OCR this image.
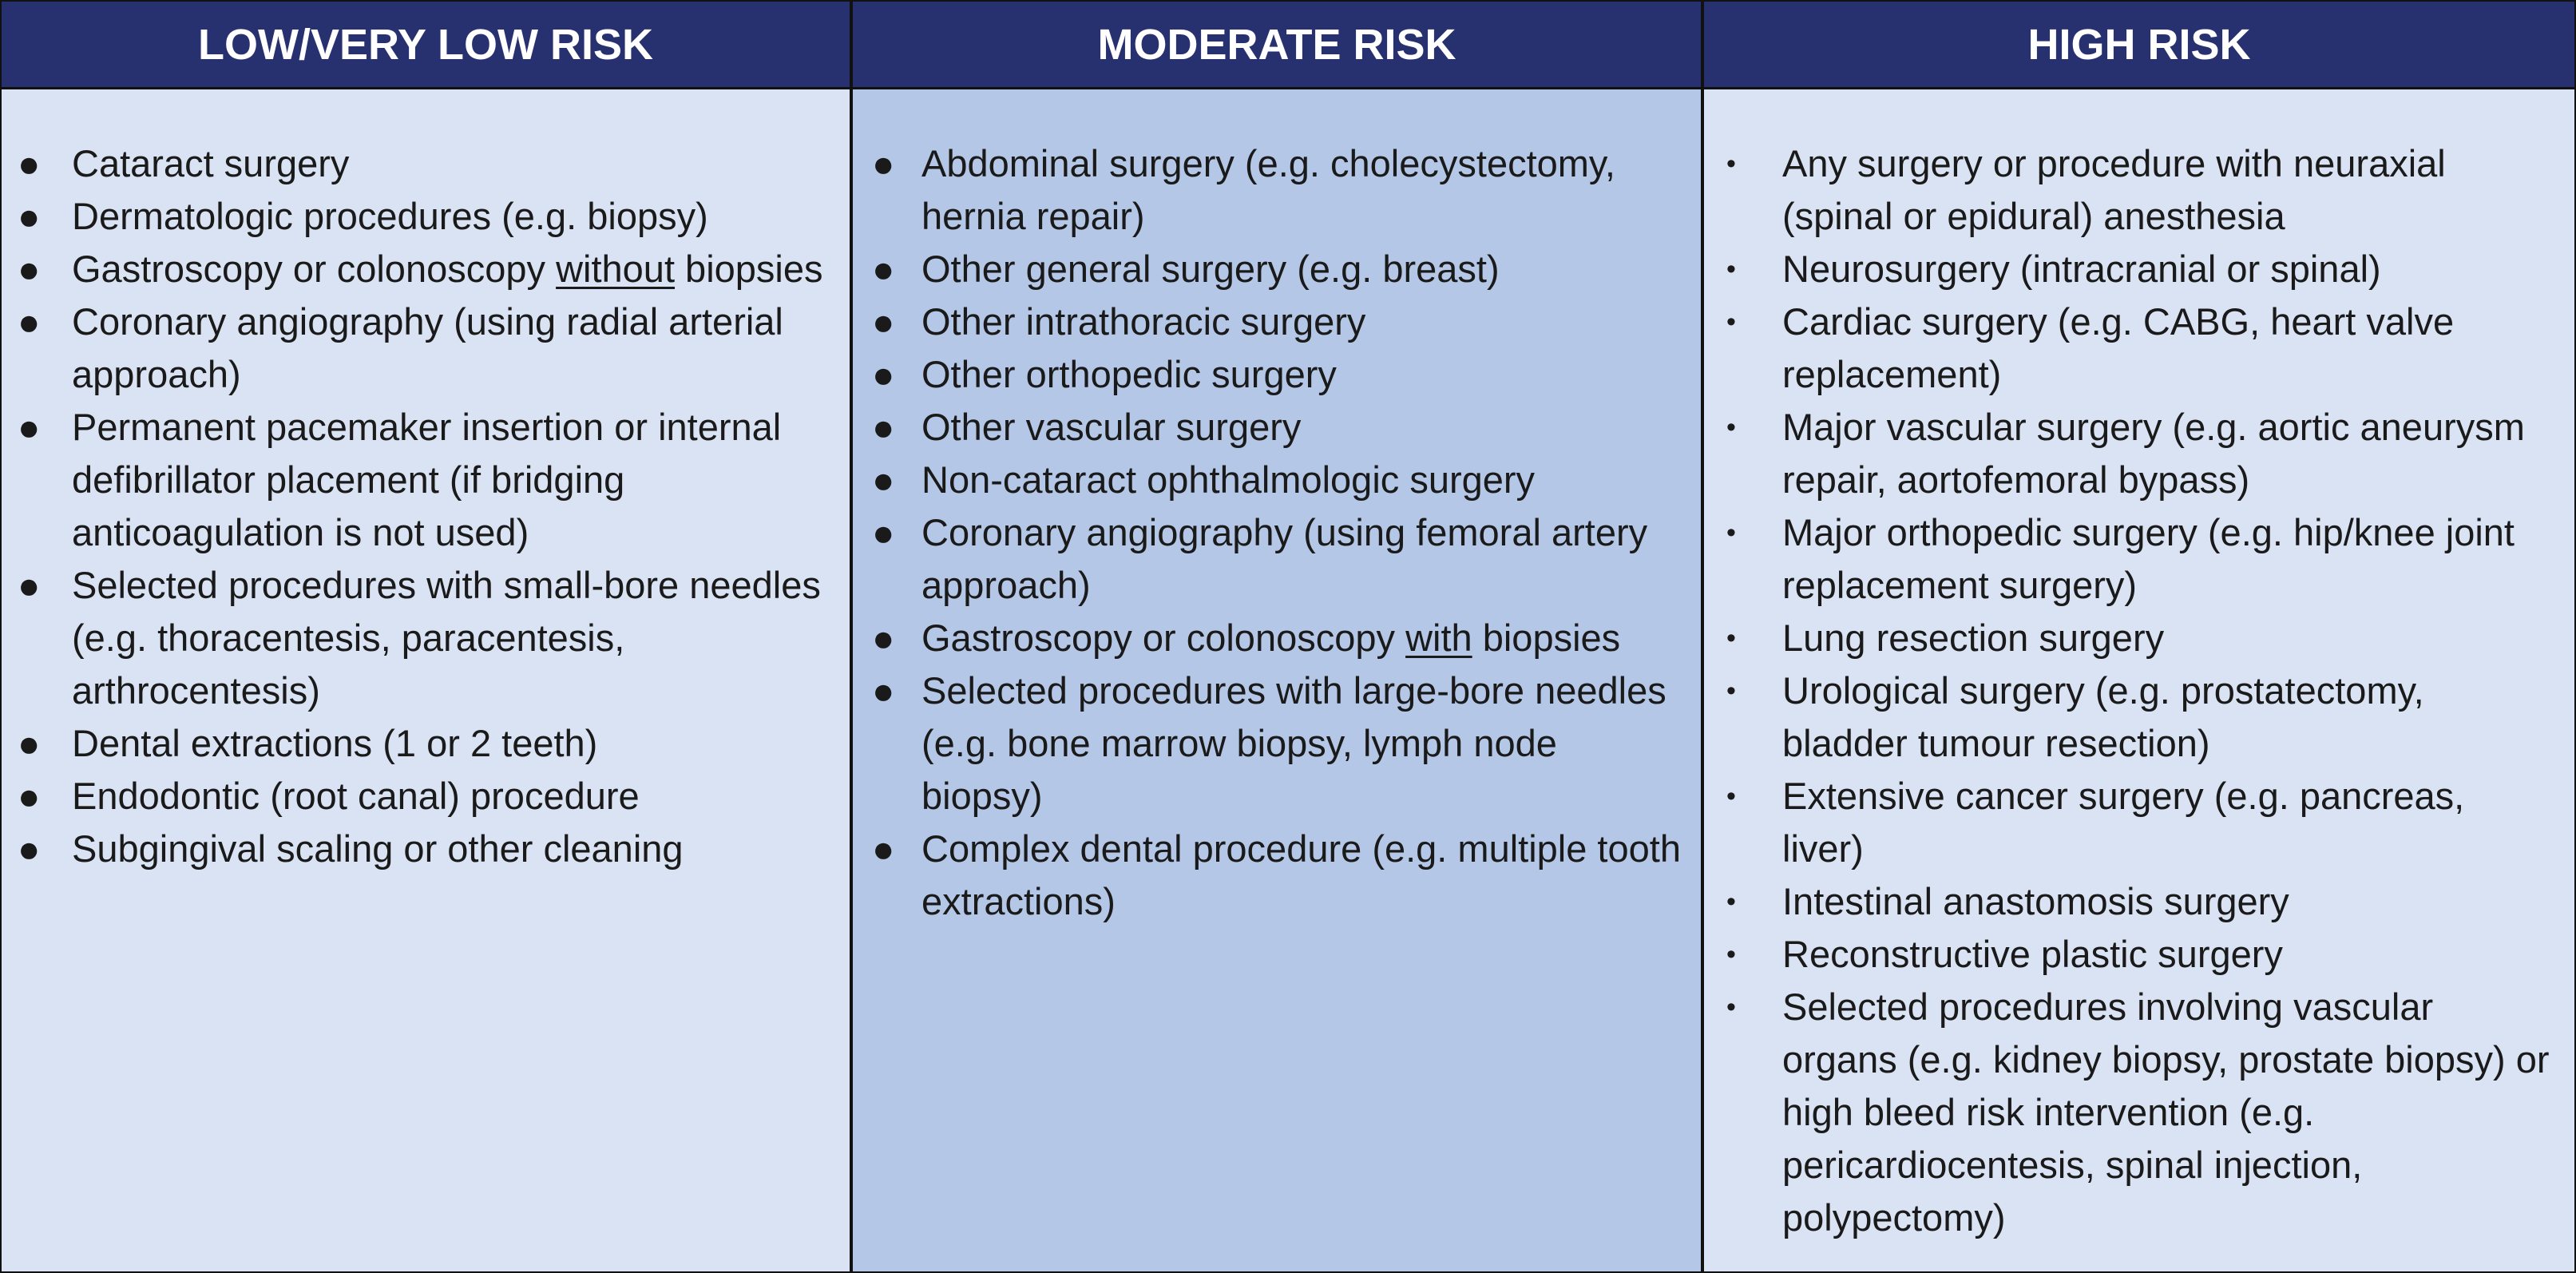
LOW/VERY LOW RISK	MODERATE RISK	HIGH RISK
● Cataract surgery
● Dermatologic procedures (e.g. biopsy)
● Gastroscopy or colonoscopy without biopsies
● Coronary angiography (using radial arterial approach)
● Permanent pacemaker insertion or internal defibrillator placement (if bridging anticoagulation is not used)
● Selected procedures with small-bore needles (e.g. thoracentesis, paracentesis, arthrocentesis)
● Dental extractions (1 or 2 teeth)
● Endodontic (root canal) procedure
● Subgingival scaling or other cleaning
● Abdominal surgery (e.g. cholecystectomy, hernia repair)
● Other general surgery (e.g. breast)
● Other intrathoracic surgery
● Other orthopedic surgery
● Other vascular surgery
● Non-cataract ophthalmologic surgery
● Coronary angiography (using femoral artery approach)
● Gastroscopy or colonoscopy with biopsies
● Selected procedures with large-bore needles (e.g. bone marrow biopsy, lymph node biopsy)
● Complex dental procedure (e.g. multiple tooth extractions)
• Any surgery or procedure with neuraxial (spinal or epidural) anesthesia
• Neurosurgery (intracranial or spinal)
• Cardiac surgery (e.g. CABG, heart valve replacement)
• Major vascular surgery (e.g. aortic aneurysm repair, aortofemoral bypass)
• Major orthopedic surgery (e.g. hip/knee joint replacement surgery)
• Lung resection surgery
• Urological surgery (e.g. prostatectomy, bladder tumour resection)
• Extensive cancer surgery (e.g. pancreas, liver)
• Intestinal anastomosis surgery
• Reconstructive plastic surgery
• Selected procedures involving vascular organs (e.g. kidney biopsy, prostate biopsy) or high bleed risk intervention (e.g. pericardiocentesis, spinal injection, polypectomy)
